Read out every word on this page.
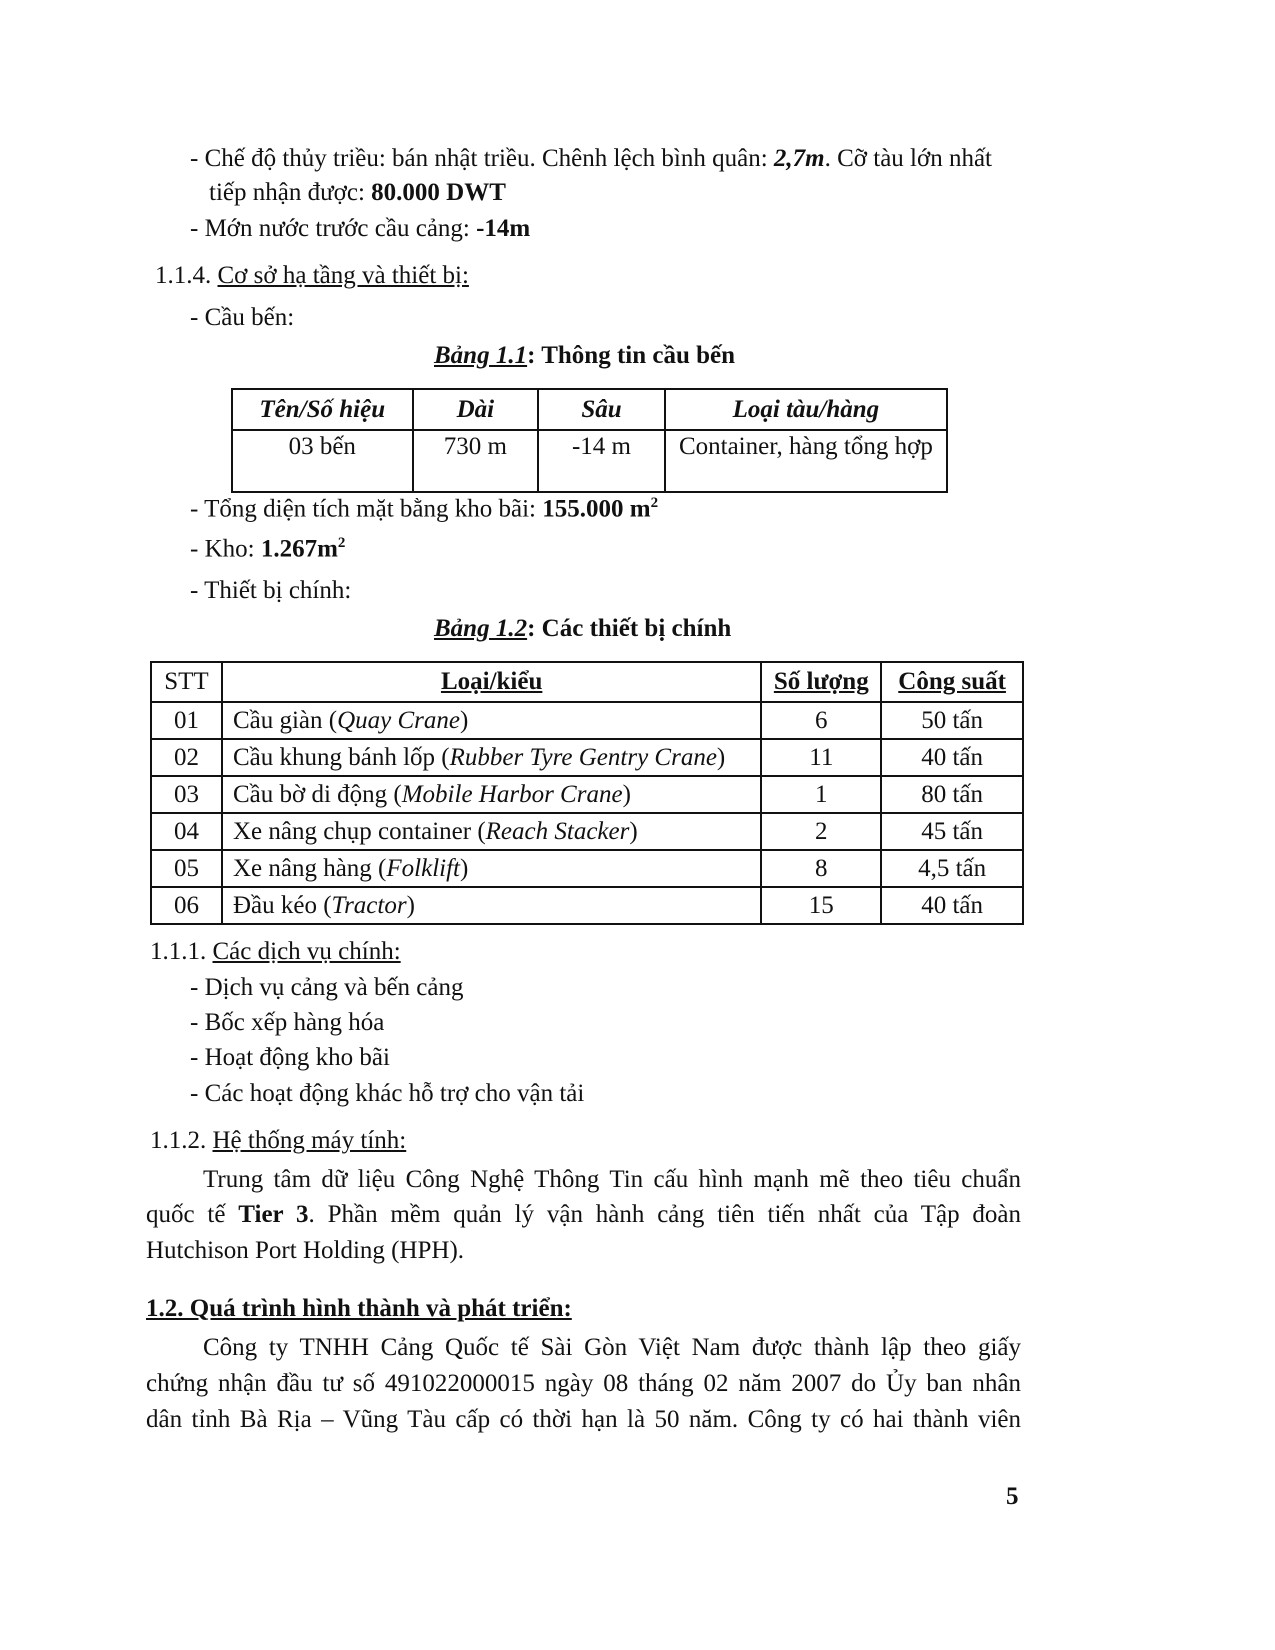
- Chế độ thủy triều: bán nhật triều. Chênh lệch bình quân: 2,7m. Cỡ tàu lớn nhất
tiếp nhận được: 80.000 DWT
- Mớn nước trước cầu cảng: -14m
1.1.4. Cơ sở hạ tầng và thiết bị:
- Cầu bến:
Bảng 1.1: Thông tin cầu bến
Tên/Số hiệu	Dài	Sâu	Loại tàu/hàng
03 bến	730 m	-14 m	Container, hàng tổng hợp
- Tổng diện tích mặt bằng kho bãi: 155.000 $m^2$
- Kho: $1.267m^2$
- Thiết bị chính:
Bảng 1.2: Các thiết bị chính
STT	Loại/kiểu	Số lượng	Công suất
01	Cầu giàn (Quay Crane)	6	50 tấn
02	Cầu khung bánh lốp (Rubber Tyre Gentry Crane)	11	40 tấn
03	Cầu bờ di động (Mobile Harbor Crane)	1	80 tấn
04	Xe nâng chụp container (Reach Stacker)	2	45 tấn
05	Xe nâng hàng (Folklift)	8	4,5 tấn
06	Đầu kéo (Tractor)	15	40 tấn
1.1.1. Các dịch vụ chính:
- Dịch vụ cảng và bến cảng
- Bốc xếp hàng hóa
- Hoạt động kho bãi
- Các hoạt động khác hỗ trợ cho vận tải
1.1.2. Hệ thống máy tính:
Trung tâm dữ liệu Công Nghệ Thông Tin cấu hình mạnh mẽ theo tiêu chuẩn
quốc tế Tier 3. Phần mềm quản lý vận hành cảng tiên tiến nhất của Tập đoàn
Hutchison Port Holding (HPH).
1.2. Quá trình hình thành và phát triển:
Công ty TNHH Cảng Quốc tế Sài Gòn Việt Nam được thành lập theo giấy
chứng nhận đầu tư số 491022000015 ngày 08 tháng 02 năm 2007 do Ủy ban nhân
dân tỉnh Bà Rịa – Vũng Tàu cấp có thời hạn là 50 năm. Công ty có hai thành viên
5
